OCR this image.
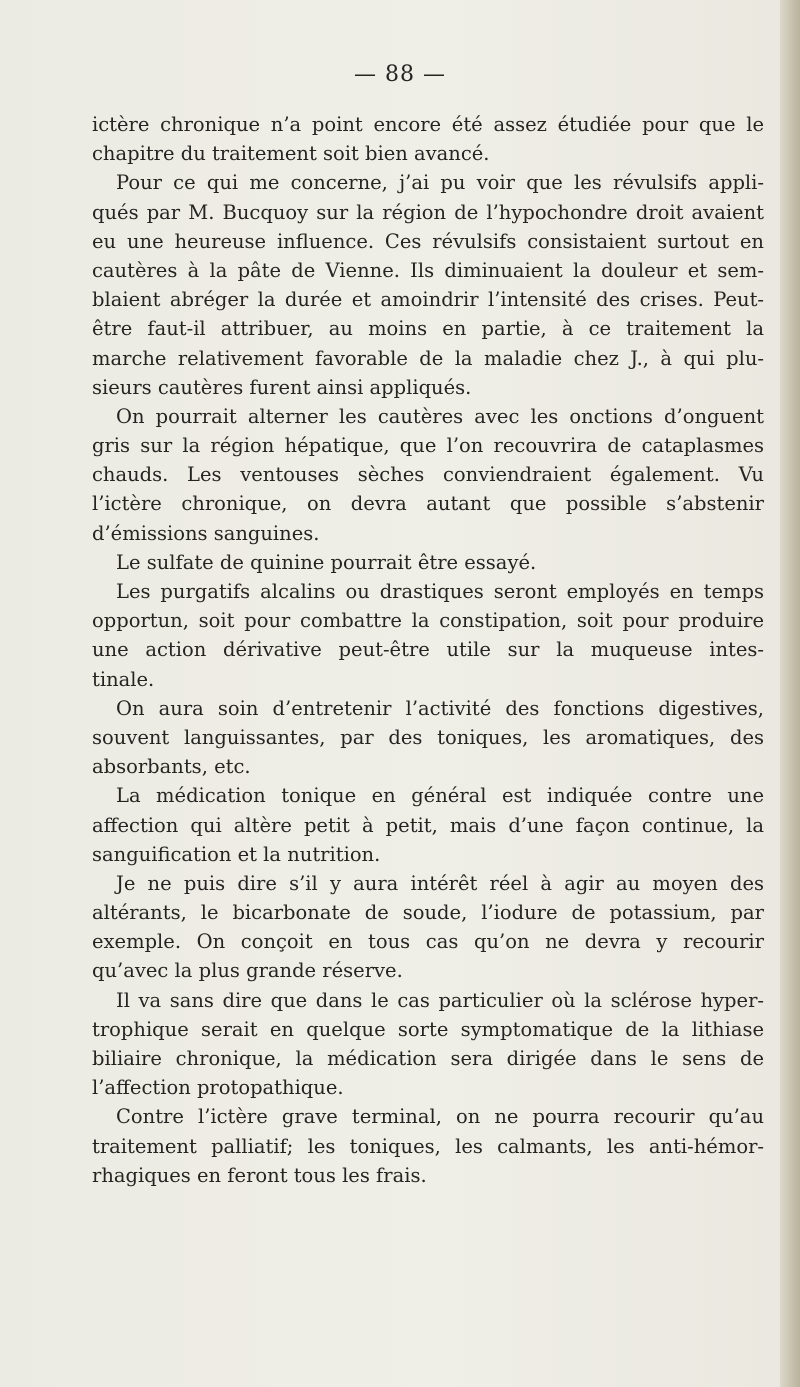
— 88 —
ictère chronique n’a point encore été assez étudiée pour que le
chapitre du traitement soit bien avancé.
Pour ce qui me concerne, j’ai pu voir que les révulsifs appli-
qués par M. Bucquoy sur la région de l’hypochondre droit avaient
eu une heureuse influence. Ces révulsifs consistaient surtout en
cautères à la pâte de Vienne. Ils diminuaient la douleur et sem-
blaient abréger la durée et amoindrir l’intensité des crises. Peut-
être faut-il attribuer, au moins en partie, à ce traitement la
marche relativement favorable de la maladie chez J., à qui plu-
sieurs cautères furent ainsi appliqués.
On pourrait alterner les cautères avec les onctions d’onguent
gris sur la région hépatique, que l’on recouvrira de cataplasmes
chauds. Les ventouses sèches conviendraient également. Vu
l’ictère chronique, on devra autant que possible s’abstenir
d’émissions sanguines.
Le sulfate de quinine pourrait être essayé.
Les purgatifs alcalins ou drastiques seront employés en temps
opportun, soit pour combattre la constipation, soit pour produire
une action dérivative peut-être utile sur la muqueuse intes-
tinale.
On aura soin d’entretenir l’activité des fonctions digestives,
souvent languissantes, par des toniques, les aromatiques, des
absorbants, etc.
La médication tonique en général est indiquée contre une
affection qui altère petit à petit, mais d’une façon continue, la
sanguification et la nutrition.
Je ne puis dire s’il y aura intérêt réel à agir au moyen des
altérants, le bicarbonate de soude, l’iodure de potassium, par
exemple. On conçoit en tous cas qu’on ne devra y recourir
qu’avec la plus grande réserve.
Il va sans dire que dans le cas particulier où la sclérose hyper-
trophique serait en quelque sorte symptomatique de la lithiase
biliaire chronique, la médication sera dirigée dans le sens de
l’affection protopathique.
Contre l’ictère grave terminal, on ne pourra recourir qu’au
traitement palliatif; les toniques, les calmants, les anti-hémor-
rhagiques en feront tous les frais.
